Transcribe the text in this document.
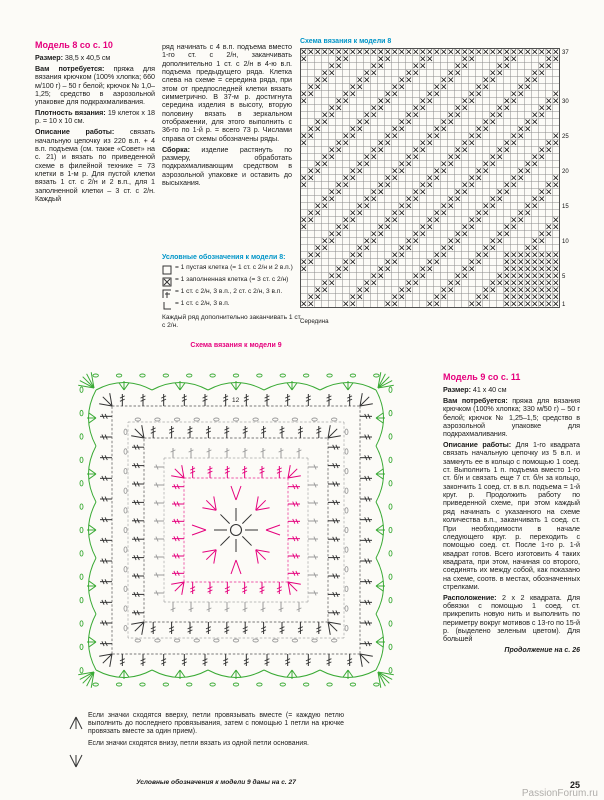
Модель 8 со с. 10

Размер: 38,5 х 40,5 см

Вам потребуется: пряжа для вязания крючком (100% хлопка; 660 м/100 г) – 50 г белой; крючок № 1,0–1,25; средство в аэрозольной упаковке для подкрахмаливания.

Плотность вязания: 19 клеток х 18 р. = 10 х 10 см.

Описание работы: связать начальную цепочку из 220 в.п. + 4 в.п. подъема (см. также «Совет» на с. 21) и вязать по приведенной схеме в филейной технике = 73 клетки в 1-м р. Для пустой клетки вязать 1 ст. с 2/н и 2 в.п., для 1 заполненной клетки – 3 ст. с 2/н. Каждый

ряд начинать с 4 в.п. подъема вместо 1-го ст. с 2/н, заканчивать дополнительно 1 ст. с 2/н в 4-ю в.п. подъема предыдущего ряда. Клетка слева на схеме = середина ряда, при этом от предпоследней клетки вязать симметрично. В 37-м р. достигнута середина изделия в высоту, вторую половину вязать в зеркальном отображении, для этого выполнить с 36-го по 1-й р. = всего 73 р. Числами справа от схемы обозначены ряды.

Сборка: изделие растянуть по размеру, обработать подкрахмаливающим средством в аэрозольной упаковке и оставить до высыхания.

Условные обозначения к модели 8:
= 1 пустая клетка (= 1 ст. с 2/н и 2 в.п.)
= 1 заполненная клетка (= 3 ст. с 2/н)
= 1 ст. с 2/н, 3 в.п., 2 ст. с 2/н, 3 в.п.
= 1 ст. с 2/н, 3 в.п.
Каждый ряд дополнительно заканчивать 1 ст. с 2/н.
Схема вязания к модели 8
37
30
25
20
15
10
5
1
Середина
Схема вязания к модели 9
12

Если значки сходятся вверху, петли провязывать вместе (= каждую петлю выполнить до последнего провязывания, затем с помощью 1 петли на крючке провязать вместе за один прием).

Если значки сходятся внизу, петли вязать из одной петли основания.

Условные обозначения к модели 9 даны на с. 27
Модель 9 со с. 11

Размер: 41 х 40 см

Вам потребуется: пряжа для вязания крючком (100% хлопка; 330 м/50 г) – 50 г белой; крючок № 1,25–1,5; средство в аэрозольной упаковке для подкрахмаливания.

Описание работы: Для 1-го квадрата связать начальную цепочку из 5 в.п. и замкнуть ее в кольцо с помощью 1 соед. ст. Выполнить 1 п. подъема вместо 1-го ст. б/н и связать еще 7 ст. б/н за кольцо, закончить 1 соед. ст. в в.п. подъема = 1-й круг. р. Продолжить работу по приведенной схеме, при этом каждый ряд начинать с указанного на схеме количества в.п., заканчивать 1 соед. ст. При необходимости в начале следующего круг. р. переходить с помощью соед. ст. После 1-го р. 1-й квадрат готов. Всего изготовить 4 таких квадрата, при этом, начиная со второго, соединять их между собой, как показано на схеме, соотв. в местах, обозначенных стрелками.

Расположение: 2 х 2 квадрата. Для обвязки с помощью 1 соед. ст. прикрепить новую нить и выполнить по периметру вокруг мотивов с 13-го по 15-й р. (выделено зеленым цветом). Для большей

Продолжение на с. 26
25
PassionForum.ru
